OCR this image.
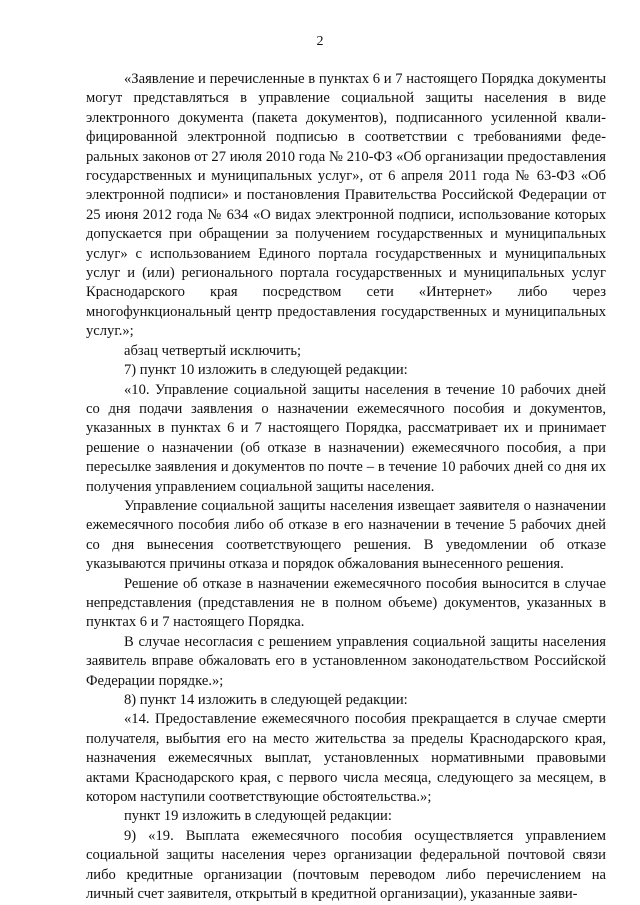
2

«Заявление и перечисленные в пунктах 6 и 7 настоящего Порядка документы могут представляться в управление социальной защиты населения в виде электронного документа (пакета документов), подписанного усиленной квалифицированной электронной подписью в соответствии с требованиями федеральных законов от 27 июля 2010 года № 210-ФЗ «Об организации предоставления государственных и муниципальных услуг», от 6 апреля 2011 года № 63-ФЗ «Об электронной подписи» и постановления Правительства Российской Федерации от 25 июня 2012 года № 634 «О видах электронной подписи, использование которых допускается при обращении за получением государственных и муниципальных услуг» с использованием Единого портала государственных и муниципальных услуг и (или) регионального портала государственных и муниципальных услуг Краснодарского края посредством сети «Интернет» либо через многофункциональный центр предоставления государственных и муниципальных услуг.»;

абзац четвертый исключить;

7) пункт 10 изложить в следующей редакции:

«10. Управление социальной защиты населения в течение 10 рабочих дней со дня подачи заявления о назначении ежемесячного пособия и документов, указанных в пунктах 6 и 7 настоящего Порядка, рассматривает их и принимает решение о назначении (об отказе в назначении) ежемесячного пособия, а при пересылке заявления и документов по почте – в течение 10 рабочих дней со дня их получения управлением социальной защиты населения.

Управление социальной защиты населения извещает заявителя о назначении ежемесячного пособия либо об отказе в его назначении в течение 5 рабочих дней со дня вынесения соответствующего решения. В уведомлении об отказе указываются причины отказа и порядок обжалования вынесенного решения.

Решение об отказе в назначении ежемесячного пособия выносится в случае непредставления (представления не в полном объеме) документов, указанных в пунктах 6 и 7 настоящего Порядка.

В случае несогласия с решением управления социальной защиты населения заявитель вправе обжаловать его в установленном законодательством Российской Федерации порядке.»;

8) пункт 14 изложить в следующей редакции:

«14. Предоставление ежемесячного пособия прекращается в случае смерти получателя, выбытия его на место жительства за пределы Краснодарского края, назначения ежемесячных выплат, установленных нормативными правовыми актами Краснодарского края, с первого числа месяца, следующего за месяцем, в котором наступили соответствующие обстоятельства.»;

пункт 19 изложить в следующей редакции:

9) «19. Выплата ежемесячного пособия осуществляется управлением социальной защиты населения через организации федеральной почтовой связи либо кредитные организации (почтовым переводом либо перечислением на личный счет заявителя, открытый в кредитной организации), указанные заяви-
